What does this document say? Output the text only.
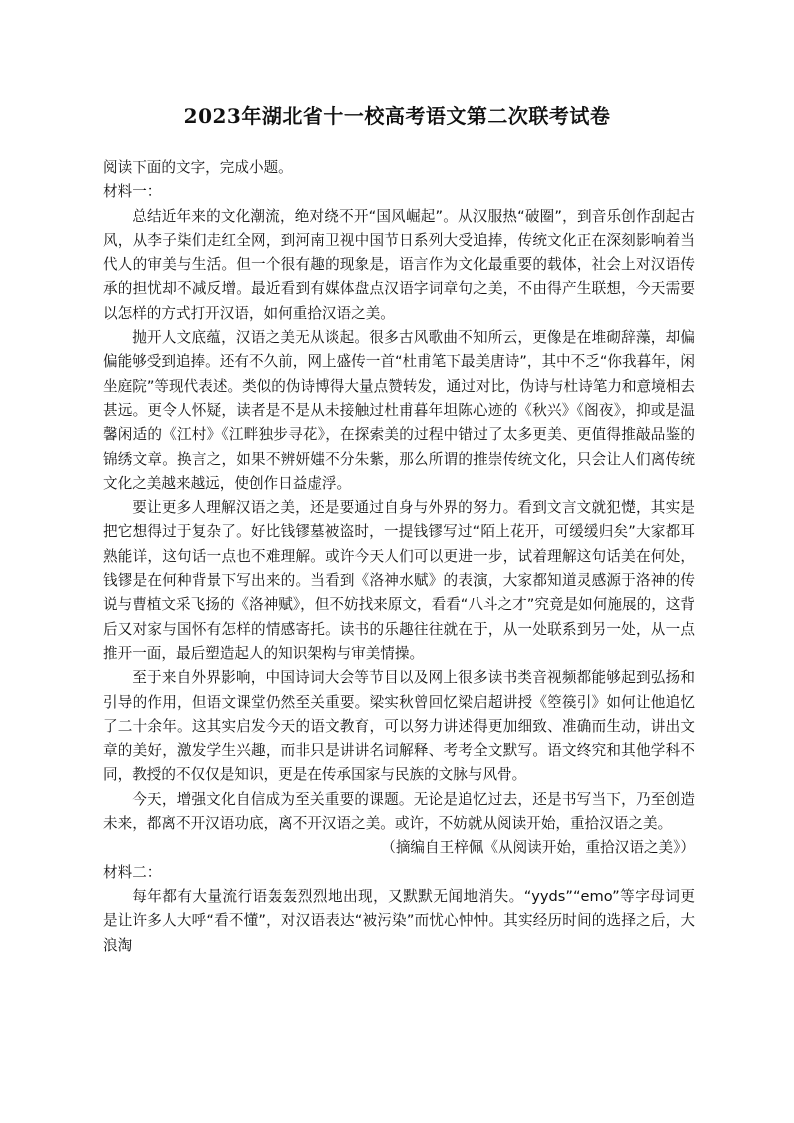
2023年湖北省十一校高考语文第二次联考试卷

阅读下面的文字，完成小题。

材料一：

总结近年来的文化潮流，绝对绕不开“国风崛起”。从汉服热“破圈”，到音乐创作刮起古风，从李子柒们走红全网，到河南卫视中国节日系列大受追捧，传统文化正在深刻影响着当代人的审美与生活。但一个很有趣的现象是，语言作为文化最重要的载体，社会上对汉语传承的担忧却不减反增。最近看到有媒体盘点汉语字词章句之美，不由得产生联想，今天需要以怎样的方式打开汉语，如何重拾汉语之美。

抛开人文底蕴，汉语之美无从谈起。很多古风歌曲不知所云，更像是在堆砌辞藻，却偏偏能够受到追捧。还有不久前，网上盛传一首“杜甫笔下最美唐诗”，其中不乏“你我暮年，闲坐庭院”等现代表述。类似的伪诗博得大量点赞转发，通过对比，伪诗与杜诗笔力和意境相去甚远。更令人怀疑，读者是不是从未接触过杜甫暮年坦陈心迹的《秋兴》《阁夜》，抑或是温馨闲适的《江村》《江畔独步寻花》，在探索美的过程中错过了太多更美、更值得推敲品鉴的锦绣文章。换言之，如果不辨妍媸不分朱紫，那么所谓的推崇传统文化，只会让人们离传统文化之美越来越远，使创作日益虚浮。

要让更多人理解汉语之美，还是要通过自身与外界的努力。看到文言文就犯憷，其实是把它想得过于复杂了。好比钱镠墓被盗时，一提钱镠写过“陌上花开，可缓缓归矣”大家都耳熟能详，这句话一点也不难理解。或许今天人们可以更进一步，试着理解这句话美在何处，钱镠是在何种背景下写出来的。当看到《洛神水赋》的表演，大家都知道灵感源于洛神的传说与曹植文采飞扬的《洛神赋》，但不妨找来原文，看看“八斗之才”究竟是如何施展的，这背后又对家与国怀有怎样的情感寄托。读书的乐趣往往就在于，从一处联系到另一处，从一点推开一面，最后塑造起人的知识架构与审美情操。

至于来自外界影响，中国诗词大会等节目以及网上很多读书类音视频都能够起到弘扬和引导的作用，但语文课堂仍然至关重要。梁实秋曾回忆梁启超讲授《箜篌引》如何让他追忆了二十余年。这其实启发今天的语文教育，可以努力讲述得更加细致、准确而生动，讲出文章的美好，激发学生兴趣，而非只是讲讲名词解释、考考全文默写。语文终究和其他学科不同，教授的不仅仅是知识，更是在传承国家与民族的文脉与风骨。

今天，增强文化自信成为至关重要的课题。无论是追忆过去，还是书写当下，乃至创造未来，都离不开汉语功底，离不开汉语之美。或许，不妨就从阅读开始，重拾汉语之美。

（摘编自王梓佩《从阅读开始，重拾汉语之美》）

材料二：

每年都有大量流行语轰轰烈烈地出现，又默默无闻地消失。“yyds”“emo”等字母词更是让许多人大呼“看不懂”，对汉语表达“被污染”而忧心忡忡。其实经历时间的选择之后，大浪淘
